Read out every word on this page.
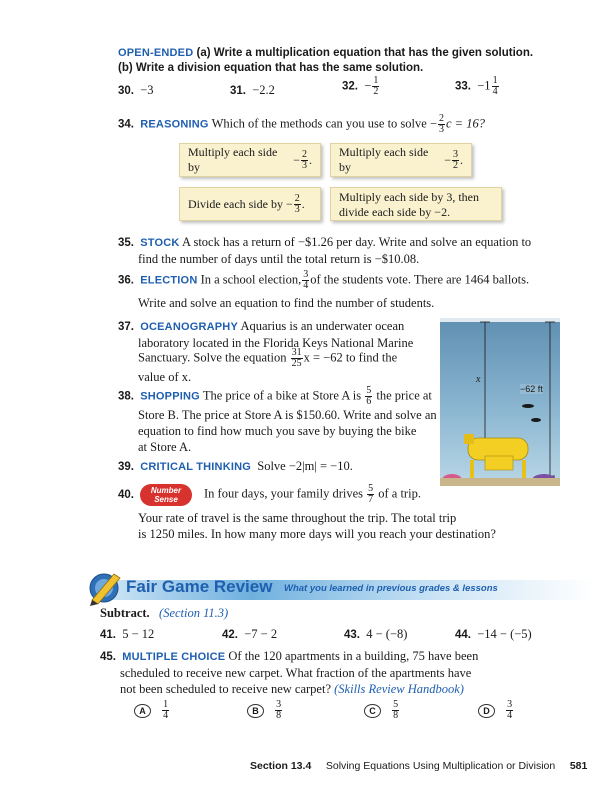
OPEN-ENDED (a) Write a multiplication equation that has the given solution.
(b) Write a division equation that has the same solution.
30. −3	31. −2.2	32. − $\frac{1}{2}$	33. $-1 \frac{1}{4}$
34. REASONING Which of the methods can you use to solve − $\frac{2}{3}$ c = 16?
Multiply each side by

− $\frac{2}{3}$ .
Multiply each side by

− $\frac{3}{2}$ .
Divide each side by
− $\frac{2}{3}$ .	Multiply each side by 3, then
divide each side by −2.
35. STOCK A stock has a return of −$1.26 per day. Write and solve an equation to
find the number of days until the total return is −$10.08.
36. ELECTION In a school election, $\frac{3}{4}$ of the students vote. There are 1464 ballots.
Write and solve an equation to find the number of students.
37. OCEANOGRAPHY Aquarius is an underwater ocean
laboratory located in the Florida Keys National Marine
Sanctuary. Solve the equation $\frac{31}{25}$ x = −62 to find the
value of x.	x
−62 ft
38. SHOPPING The price of a bike at Store A is $\frac{5}{6}$ the price at
Store B. The price at Store A is $150.60. Write and solve an
equation to find how much you save by buying the bike
at Store A.
39. CRITICAL THINKING Solve −2|m| = −10.
40.	Number
Sense	In four days, your family drives $\frac{5}{7}$ of a trip.
Your rate of travel is the same throughout the trip. The total trip
is 1250 miles. In how many more days will you reach your destination?
Fair Game Review What you learned in previous grades & lessons
Subtract. (Section 11.3)
41. 5 − 12	42. −7 − 2	43. 4 − (−8)	44. −14 − (−5)
45. MULTIPLE CHOICE Of the 120 apartments in a building, 75 have been
scheduled to receive new carpet. What fraction of the apartments have
not been scheduled to receive new carpet? (Skills Review Handbook)
A $\frac{1}{4}$	B $\frac{3}{8}$	C $\frac{5}{8}$	D $\frac{3}{4}$
Section 13.4 Solving Equations Using Multiplication or Division 581
